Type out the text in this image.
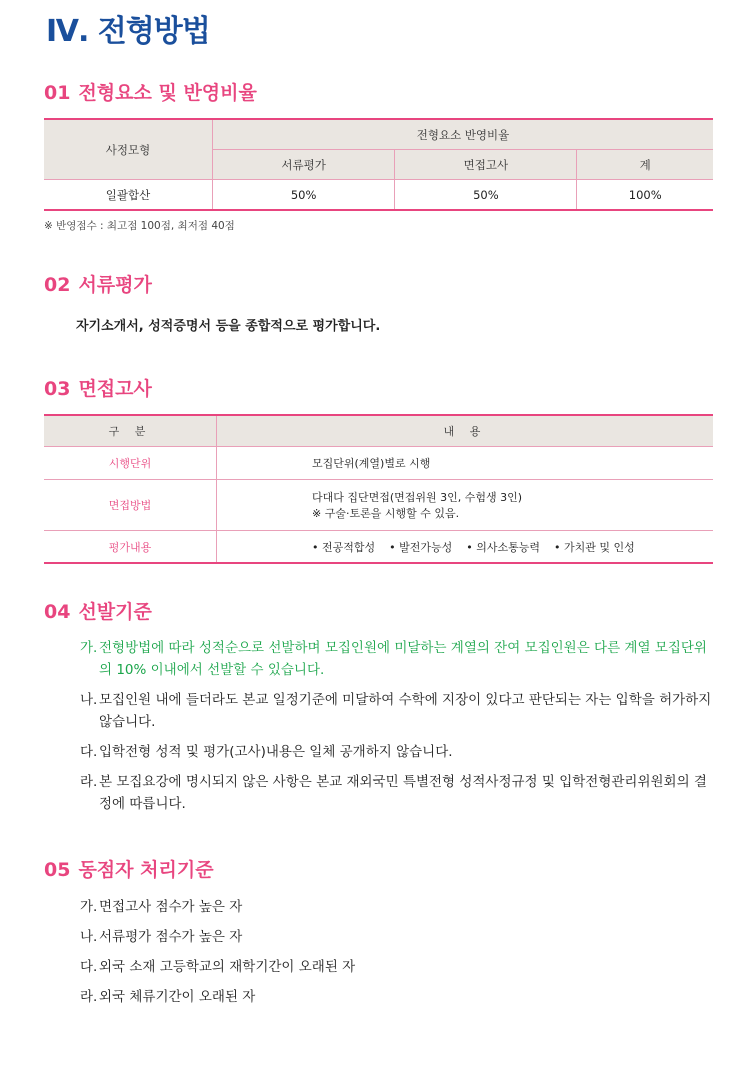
Ⅳ. 전형방법
01 전형요소 및 반영비율
사정모형	전형요소 반영비율		
	서류평가	면접고사	계
일괄합산	50%	50%	100%
※ 반영점수 : 최고점 100점, 최저점 40점
02 서류평가
자기소개서, 성적증명서 등을 종합적으로 평가합니다.
03 면접고사
구 분	내 용
시행단위	모집단위(계열)별로 시행
면접방법	다대다 집단면접(면접위원 3인, 수험생 3인)
※ 구술·토론을 시행할 수 있음.

평가내용	• 전공적합성 • 발전가능성 • 의사소통능력 • 가치관 및 인성
04 선발기준
가. 전형방법에 따라 성적순으로 선발하며 모집인원에 미달하는 계열의 잔여 모집인원은 다른 계열 모집단위의 10% 이내에서 선발할 수 있습니다.
나. 모집인원 내에 들더라도 본교 일정기준에 미달하여 수학에 지장이 있다고 판단되는 자는 입학을 허가하지 않습니다.
다. 입학전형 성적 및 평가(고사)내용은 일체 공개하지 않습니다.
라. 본 모집요강에 명시되지 않은 사항은 본교 재외국민 특별전형 성적사정규정 및 입학전형관리위원회의 결정에 따릅니다.
05 동점자 처리기준
가. 면접고사 점수가 높은 자
나. 서류평가 점수가 높은 자
다. 외국 소재 고등학교의 재학기간이 오래된 자
라. 외국 체류기간이 오래된 자
